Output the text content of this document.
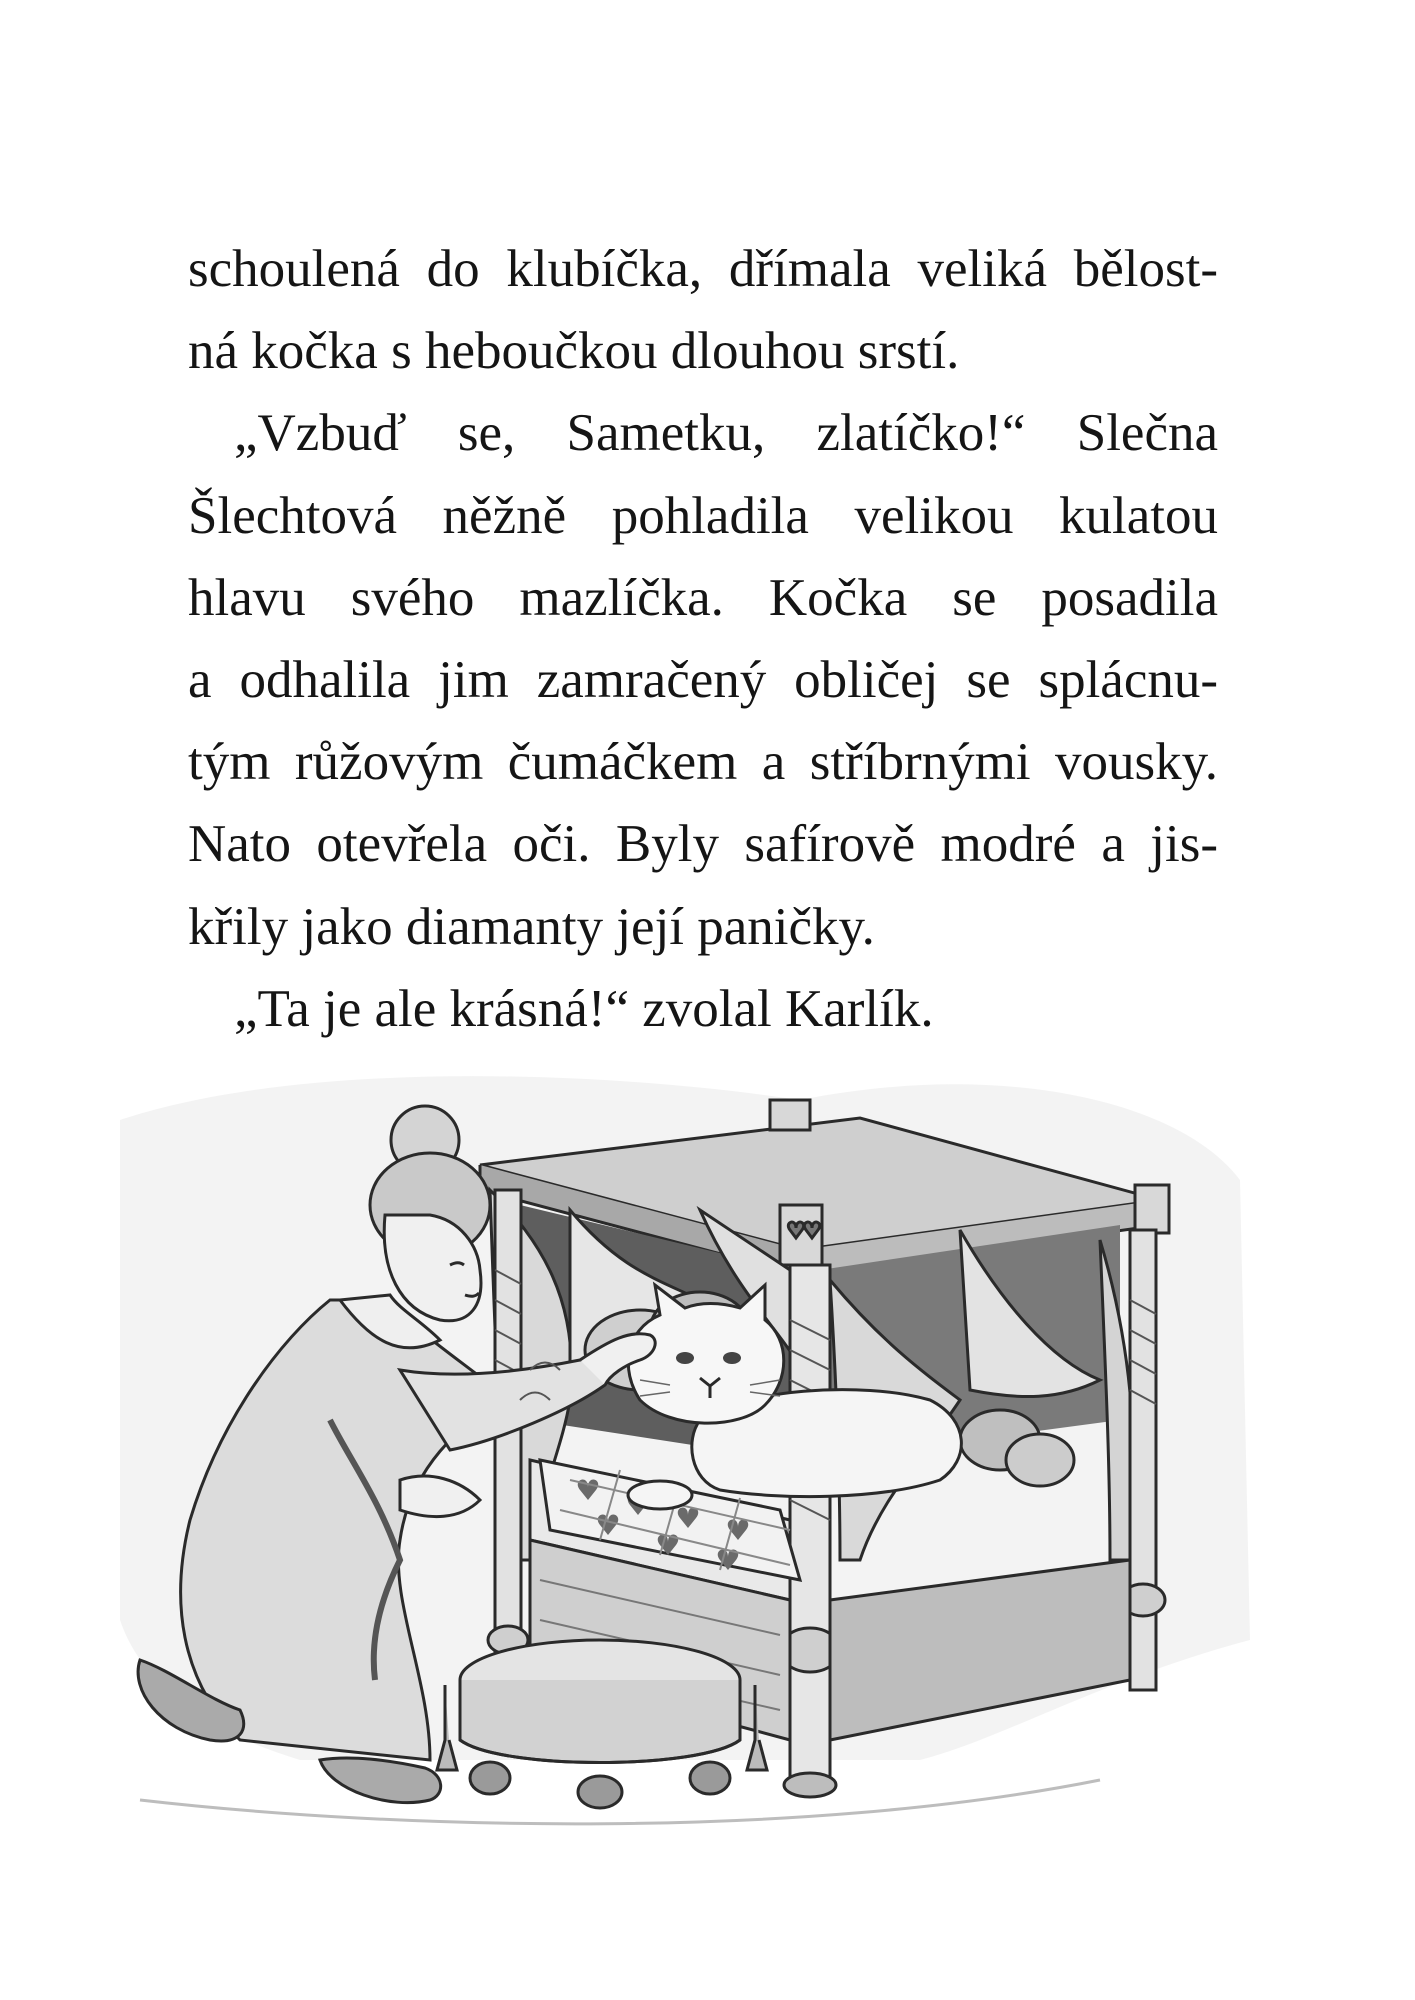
schoulená do klubíčka, dřímala veliká bělost-
ná kočka s heboučkou dlouhou srstí.
„Vzbuď se, Sametku, zlatíčko!“ Slečna
Šlechtová něžně pohladila velikou kulatou
hlavu svého mazlíčka. Kočka se posadila
a odhalila jim zamračený obličej se splácnu-
tým růžovým čumáčkem a stříbrnými vousky.
Nato otevřela oči. Byly safírově modré a jis-
křily jako diamanty její paničky.
„Ta je ale krásná!“ zvolal Karlík.
